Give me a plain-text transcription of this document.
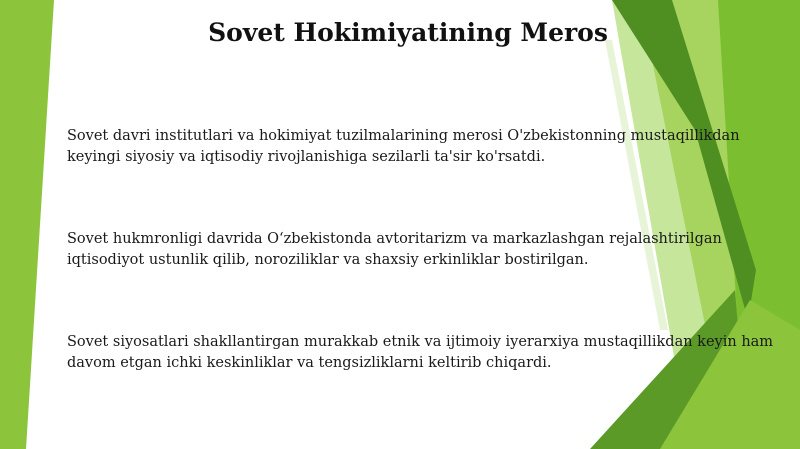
Sovet Hokimiyatining Meros
Sovet davri institutlari va hokimiyat tuzilmalarining merosi O'zbekistonning mustaqillikdan keyingi siyosiy va iqtisodiy rivojlanishiga sezilarli ta'sir ko'rsatdi.
Sovet hukmronligi davrida O‘zbekistonda avtoritarizm va markazlashgan rejalashtirilgan iqtisodiyot ustunlik qilib, noroziliklar va shaxsiy erkinliklar bostirilgan.
Sovet siyosatlari shakllantirgan murakkab etnik va ijtimoiy iyerarxiya mustaqillikdan keyin ham davom etgan ichki keskinliklar va tengsizliklarni keltirib chiqardi.
